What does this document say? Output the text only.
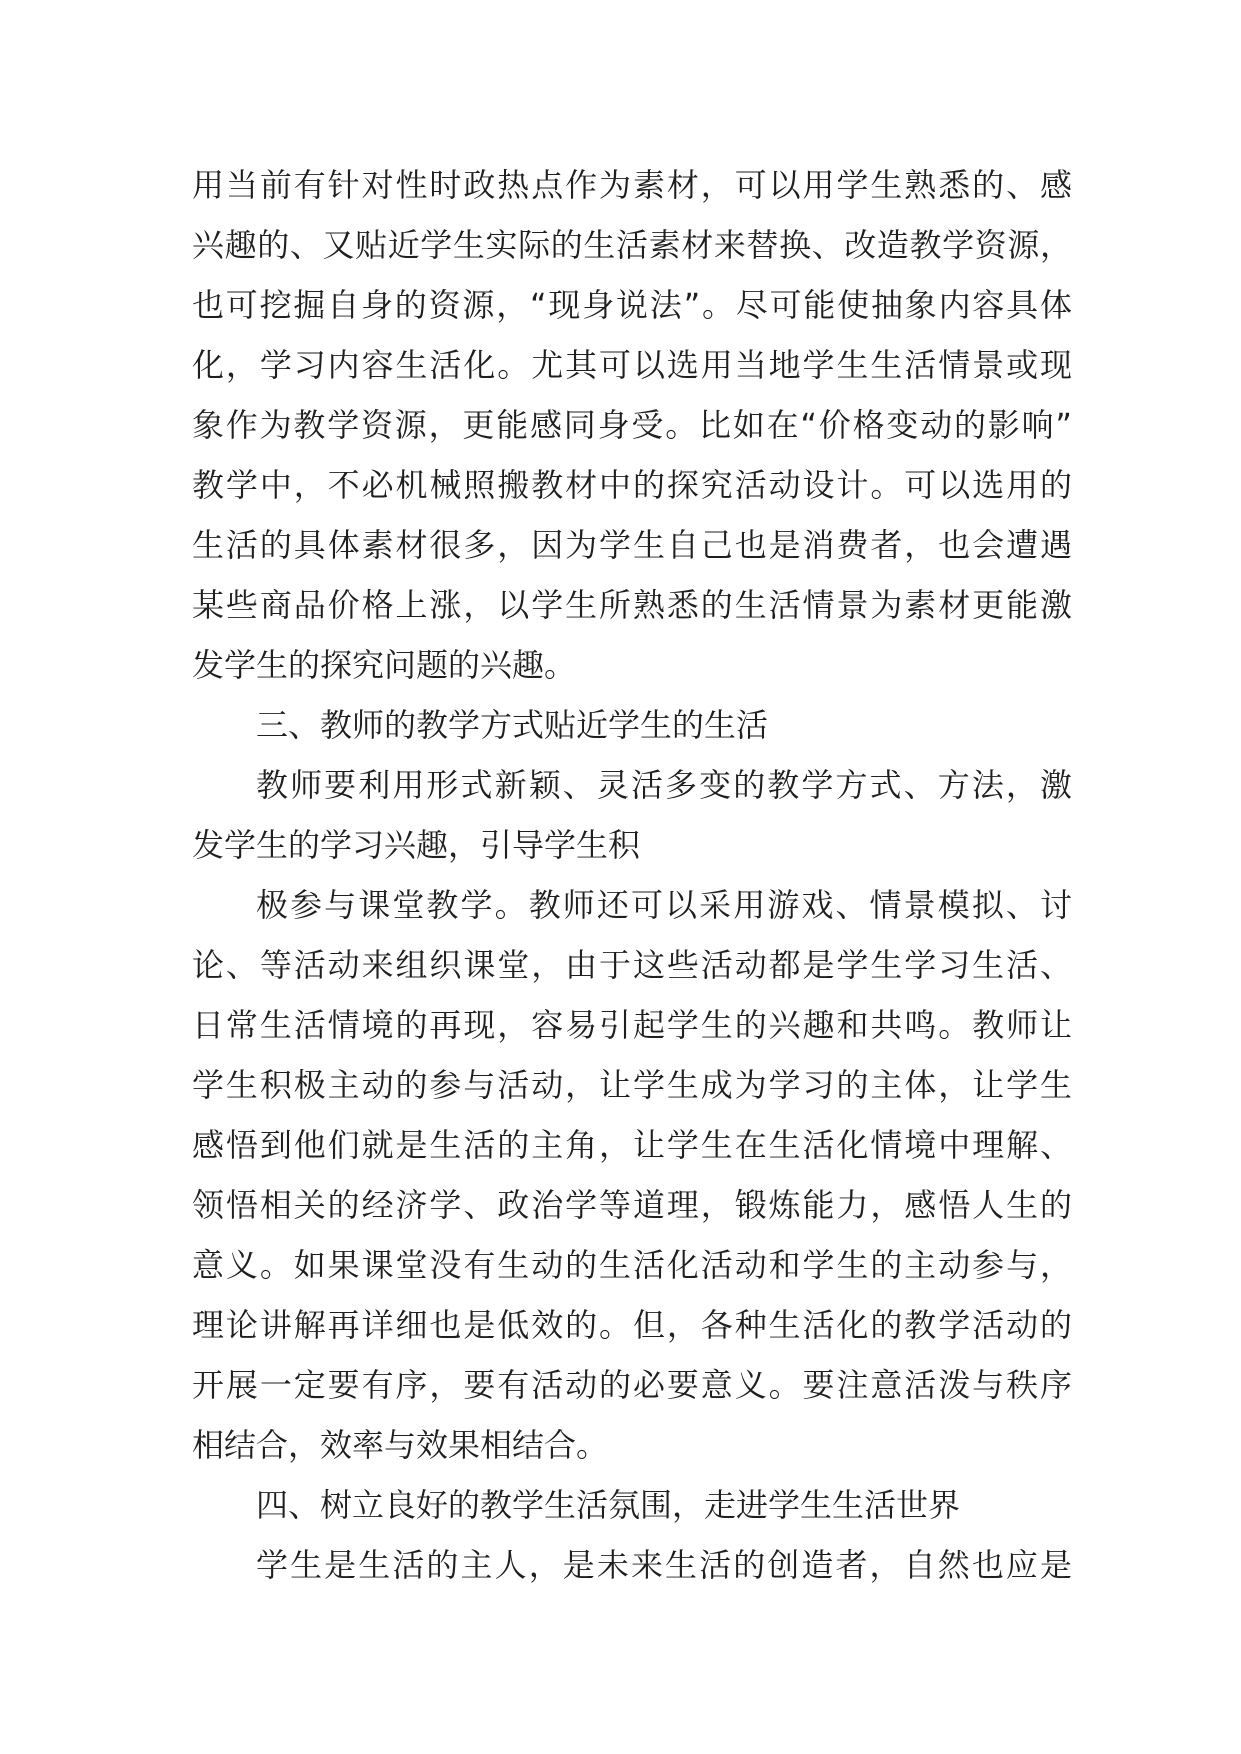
用当前有针对性时政热点作为素材，可以用学生熟悉的、感
兴趣的、又贴近学生实际的生活素材来替换、改造教学资源，
也可挖掘自身的资源，“现身说法”。尽可能使抽象内容具体
化，学习内容生活化。尤其可以选用当地学生生活情景或现
象作为教学资源，更能感同身受。比如在“价格变动的影响”
教学中，不必机械照搬教材中的探究活动设计。可以选用的
生活的具体素材很多，因为学生自己也是消费者，也会遭遇
某些商品价格上涨，以学生所熟悉的生活情景为素材更能激
发学生的探究问题的兴趣。
三、教师的教学方式贴近学生的生活
教师要利用形式新颖、灵活多变的教学方式、方法，激
发学生的学习兴趣，引导学生积
极参与课堂教学。教师还可以采用游戏、情景模拟、讨
论、等活动来组织课堂，由于这些活动都是学生学习生活、
日常生活情境的再现，容易引起学生的兴趣和共鸣。教师让
学生积极主动的参与活动，让学生成为学习的主体，让学生
感悟到他们就是生活的主角，让学生在生活化情境中理解、
领悟相关的经济学、政治学等道理，锻炼能力，感悟人生的
意义。如果课堂没有生动的生活化活动和学生的主动参与，
理论讲解再详细也是低效的。但，各种生活化的教学活动的
开展一定要有序，要有活动的必要意义。要注意活泼与秩序
相结合，效率与效果相结合。
四、树立良好的教学生活氛围，走进学生生活世界
学生是生活的主人，是未来生活的创造者，自然也应是
